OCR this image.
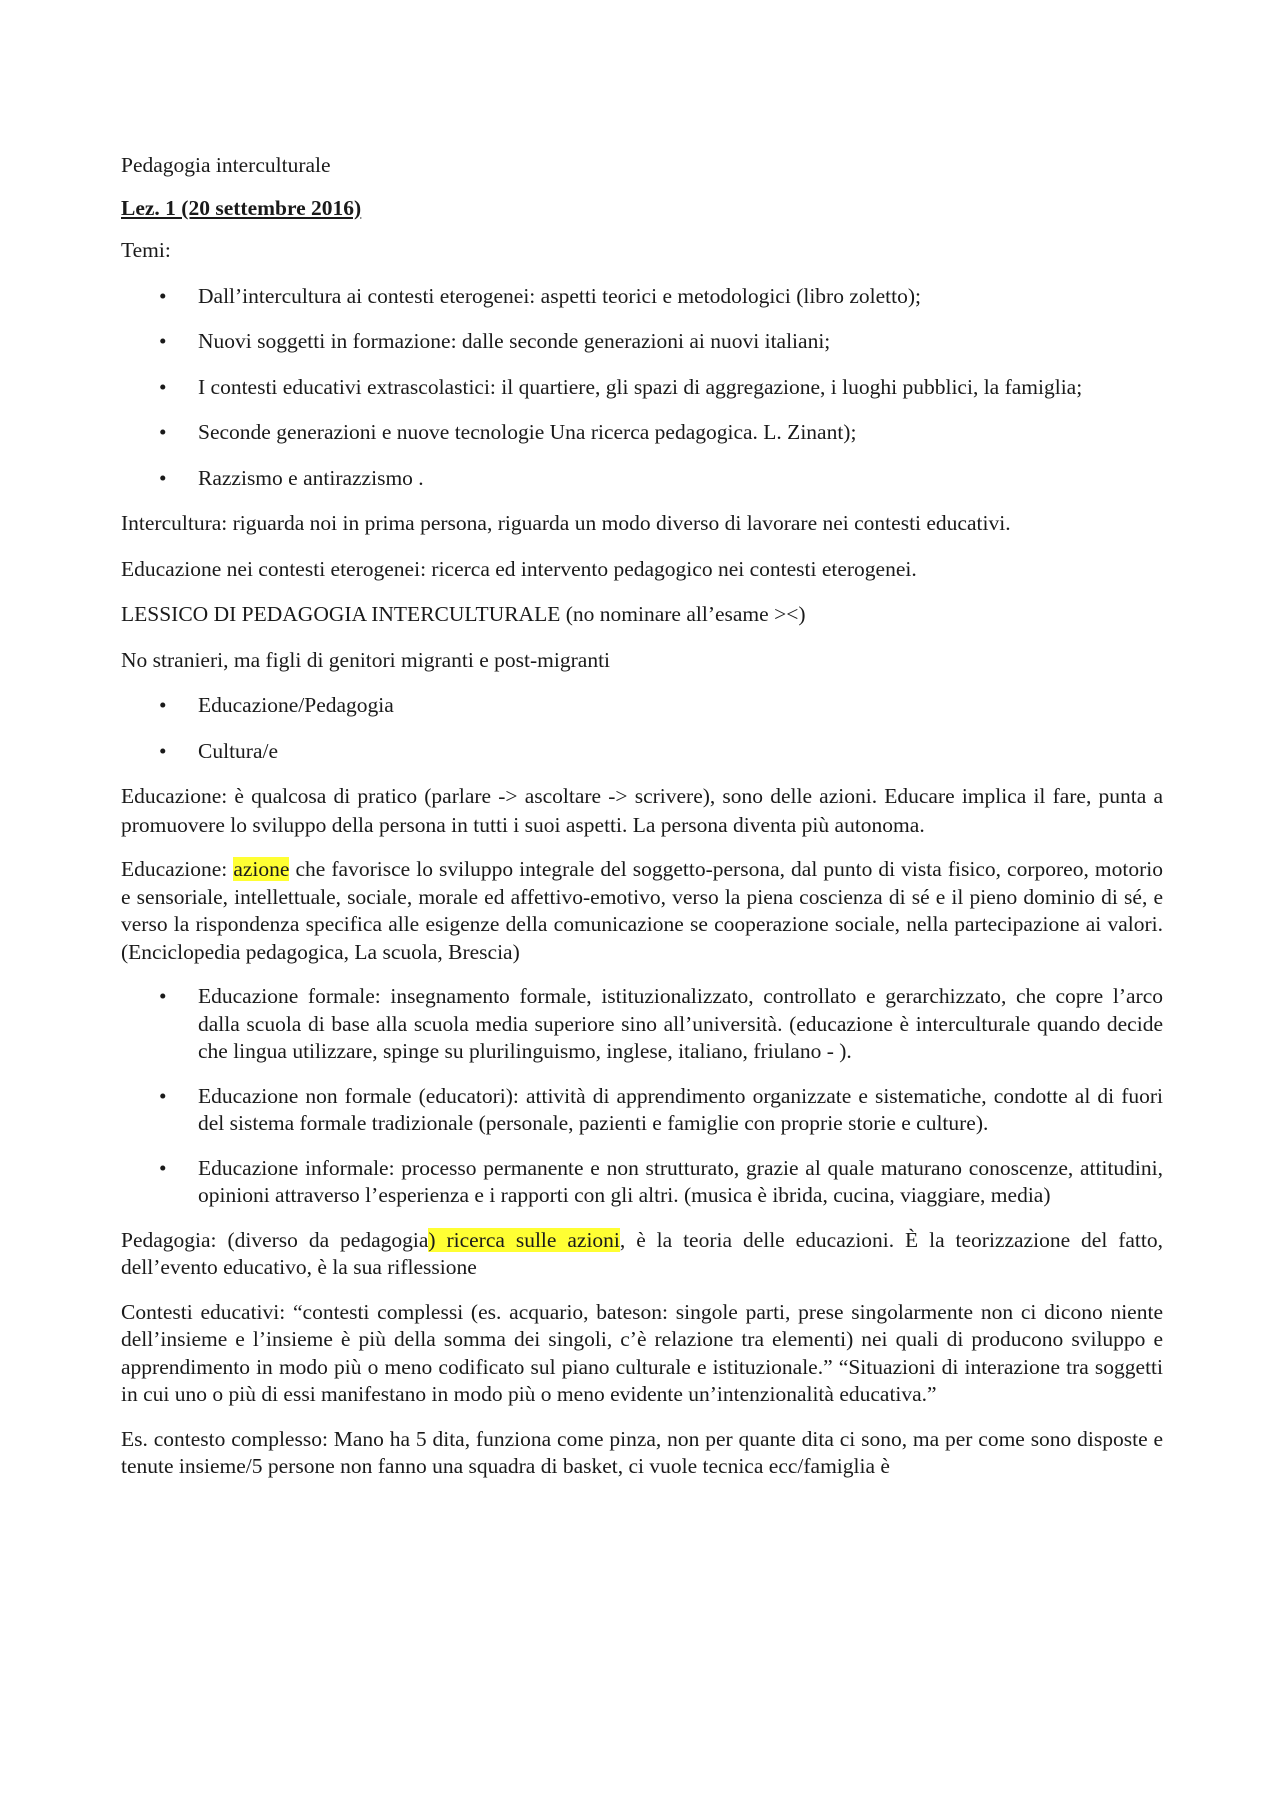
Pedagogia interculturale

Lez. 1 (20 settembre 2016)

Temi:

• Dall’intercultura ai contesti eterogenei: aspetti teorici e metodologici (libro zoletto);
• Nuovi soggetti in formazione: dalle seconde generazioni ai nuovi italiani;
• I contesti educativi extrascolastici: il quartiere, gli spazi di aggregazione, i luoghi pubblici, la famiglia;
• Seconde generazioni e nuove tecnologie Una ricerca pedagogica. L. Zinant);
• Razzismo e antirazzismo .

Intercultura: riguarda noi in prima persona, riguarda un modo diverso di lavorare nei contesti educativi.

Educazione nei contesti eterogenei: ricerca ed intervento pedagogico nei contesti eterogenei.

LESSICO DI PEDAGOGIA INTERCULTURALE (no nominare all’esame ><)

No stranieri, ma figli di genitori migranti e post-migranti

• Educazione/Pedagogia
• Cultura/e

Educazione: è qualcosa di pratico (parlare -> ascoltare -> scrivere), sono delle azioni. Educare implica il fare, punta a promuovere lo sviluppo della persona in tutti i suoi aspetti. La persona diventa più autonoma.

Educazione: azione che favorisce lo sviluppo integrale del soggetto-persona, dal punto di vista fisico, corporeo, motorio e sensoriale, intellettuale, sociale, morale ed affettivo-emotivo, verso la piena coscienza di sé e il pieno dominio di sé, e verso la rispondenza specifica alle esigenze della comunicazione se cooperazione sociale, nella partecipazione ai valori. (Enciclopedia pedagogica, La scuola, Brescia)

• Educazione formale: insegnamento formale, istituzionalizzato, controllato e gerarchizzato, che copre l’arco dalla scuola di base alla scuola media superiore sino all’università. (educazione è interculturale quando decide che lingua utilizzare, spinge su plurilinguismo, inglese, italiano, friulano - ).
• Educazione non formale (educatori): attività di apprendimento organizzate e sistematiche, condotte al di fuori del sistema formale tradizionale (personale, pazienti e famiglie con proprie storie e culture).
• Educazione informale: processo permanente e non strutturato, grazie al quale maturano conoscenze, attitudini, opinioni attraverso l’esperienza e i rapporti con gli altri. (musica è ibrida, cucina, viaggiare, media)

Pedagogia: (diverso da pedagogia) ricerca sulle azioni, è la teoria delle educazioni. È la teorizzazione del fatto, dell’evento educativo, è la sua riflessione

Contesti educativi: “contesti complessi (es. acquario, bateson: singole parti, prese singolarmente non ci dicono niente dell’insieme e l’insieme è più della somma dei singoli, c’è relazione tra elementi) nei quali di producono sviluppo e apprendimento in modo più o meno codificato sul piano culturale e istituzionale.” “Situazioni di interazione tra soggetti in cui uno o più di essi manifestano in modo più o meno evidente un’intenzionalità educativa.”

Es. contesto complesso: Mano ha 5 dita, funziona come pinza, non per quante dita ci sono, ma per come sono disposte e tenute insieme/5 persone non fanno una squadra di basket, ci vuole tecnica ecc/famiglia è
